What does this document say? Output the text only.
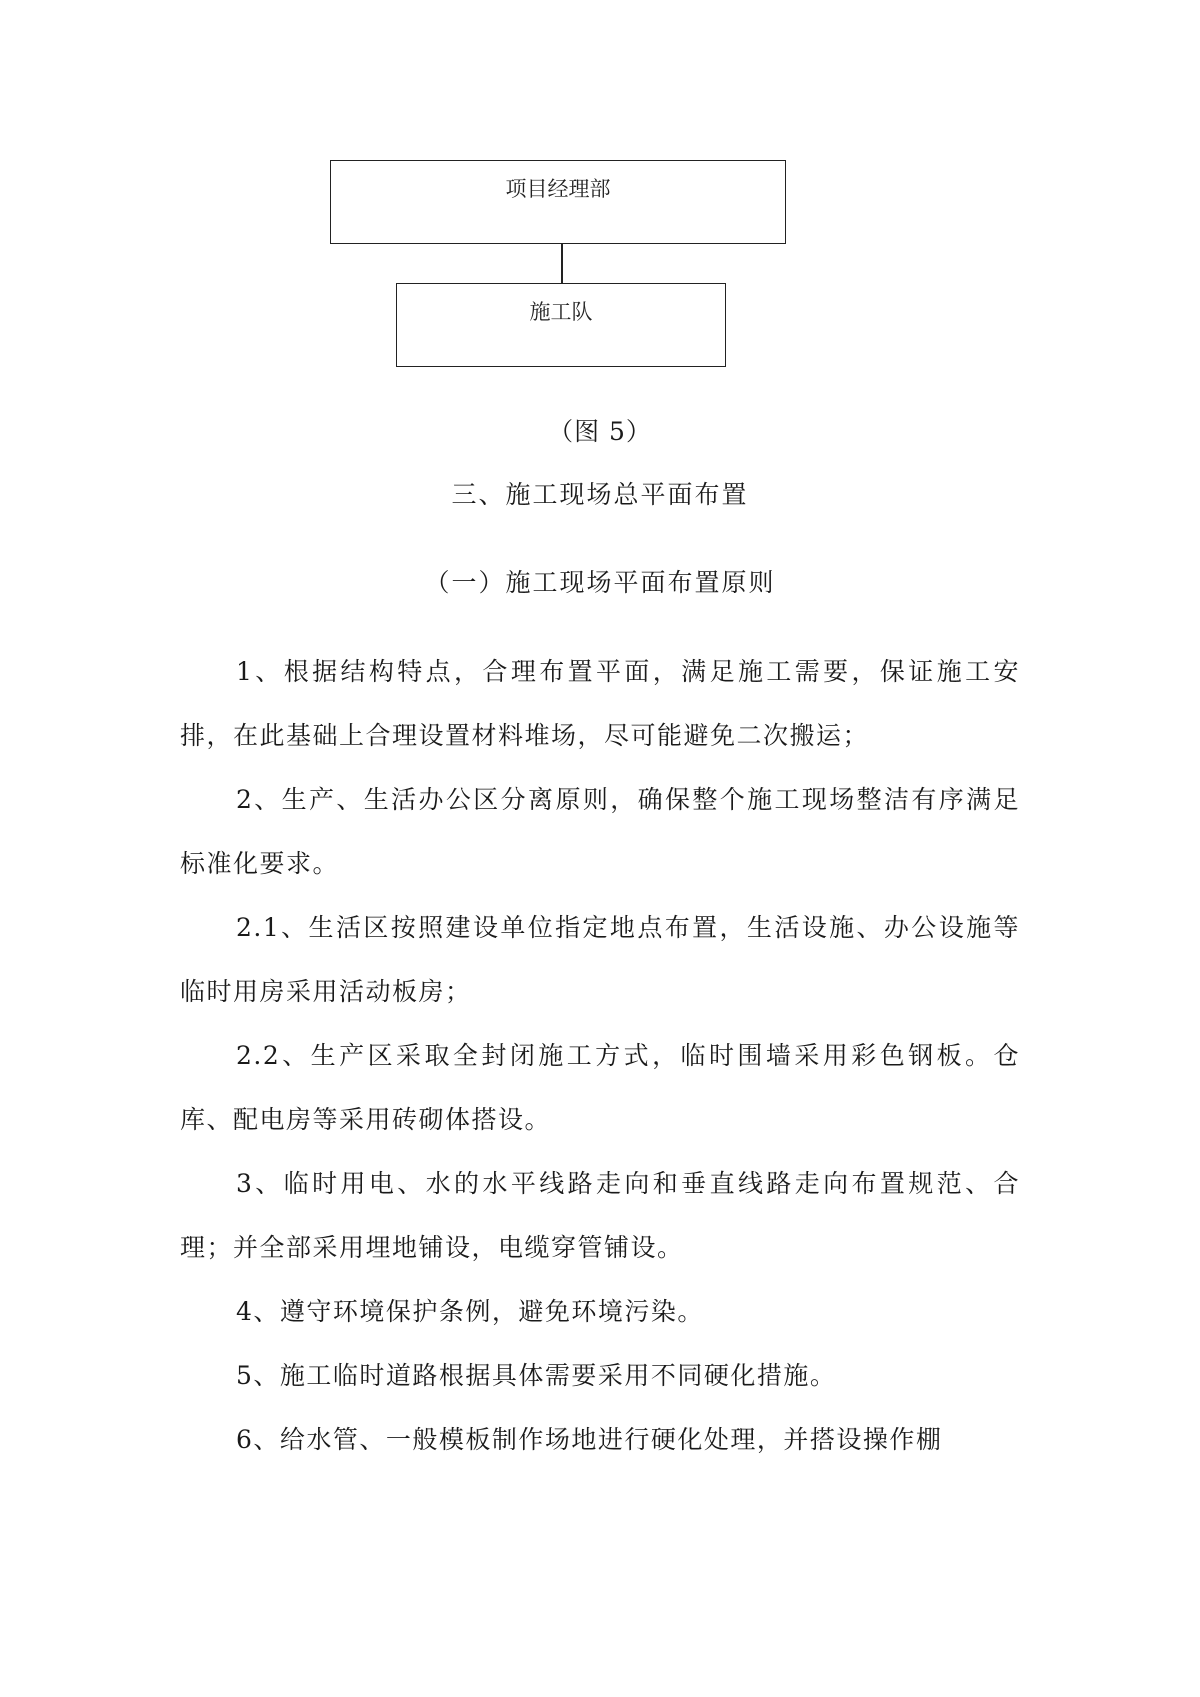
项目经理部
施工队
（图 5）
三、施工现场总平面布置
（一）施工现场平面布置原则

1、根据结构特点，合理布置平面，满足施工需要，保证施工安排，在此基础上合理设置材料堆场，尽可能避免二次搬运；

2、生产、生活办公区分离原则，确保整个施工现场整洁有序满足标准化要求。

2.1、生活区按照建设单位指定地点布置，生活设施、办公设施等临时用房采用活动板房；

2.2、生产区采取全封闭施工方式，临时围墙采用彩色钢板。仓库、配电房等采用砖砌体搭设。

3、临时用电、水的水平线路走向和垂直线路走向布置规范、合理；并全部采用埋地铺设，电缆穿管铺设。

4、遵守环境保护条例，避免环境污染。

5、施工临时道路根据具体需要采用不同硬化措施。

6、给水管、一般模板制作场地进行硬化处理，并搭设操作棚
